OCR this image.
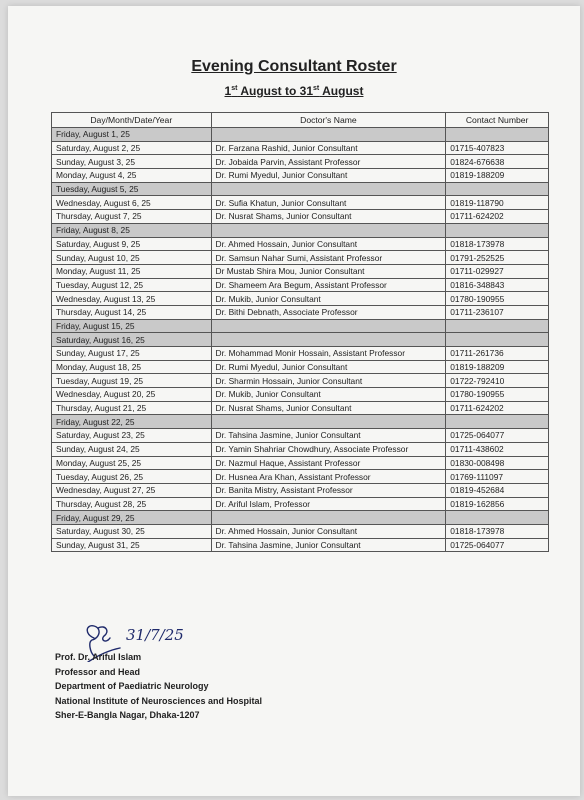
Evening Consultant Roster
1st August to 31st August
Day/Month/Date/Year	Doctor's Name	Contact Number
Friday, August 1, 25		
Saturday, August 2, 25	Dr. Farzana Rashid, Junior Consultant	01715-407823
Sunday, August 3, 25	Dr. Jobaida Parvin, Assistant Professor	01824-676638
Monday, August 4, 25	Dr. Rumi Myedul, Junior Consultant	01819-188209
Tuesday, August 5, 25		
Wednesday, August 6, 25	Dr. Sufia Khatun, Junior Consultant	01819-118790
Thursday, August 7, 25	Dr. Nusrat Shams, Junior Consultant	01711-624202
Friday, August 8, 25		
Saturday, August 9, 25	Dr. Ahmed Hossain, Junior Consultant	01818-173978
Sunday, August 10, 25	Dr. Samsun Nahar Sumi, Assistant Professor	01791-252525
Monday, August 11, 25	Dr Mustab Shira Mou, Junior Consultant	01711-029927
Tuesday, August 12, 25	Dr. Shameem Ara Begum, Assistant Professor	01816-348843
Wednesday, August 13, 25	Dr. Mukib, Junior Consultant	01780-190955
Thursday, August 14, 25	Dr. Bithi Debnath, Associate Professor	01711-236107
Friday, August 15, 25		
Saturday, August 16, 25		
Sunday, August 17, 25	Dr. Mohammad Monir Hossain, Assistant Professor	01711-261736
Monday, August 18, 25	Dr. Rumi Myedul, Junior Consultant	01819-188209
Tuesday, August 19, 25	Dr. Sharmin Hossain, Junior Consultant	01722-792410
Wednesday, August 20, 25	Dr. Mukib, Junior Consultant	01780-190955
Thursday, August 21, 25	Dr. Nusrat Shams, Junior Consultant	01711-624202
Friday, August 22, 25		
Saturday, August 23, 25	Dr. Tahsina Jasmine, Junior Consultant	01725-064077
Sunday, August 24, 25	Dr. Yamin Shahriar Chowdhury, Associate Professor	01711-438602
Monday, August 25, 25	Dr. Nazmul Haque, Assistant Professor	01830-008498
Tuesday, August 26, 25	Dr. Husnea Ara Khan, Assistant Professor	01769-111097
Wednesday, August 27, 25	Dr. Banita Mistry, Assistant Professor	01819-452684
Thursday, August 28, 25	Dr. Ariful Islam, Professor	01819-162856
Friday, August 29, 25		
Saturday, August 30, 25	Dr. Ahmed Hossain, Junior Consultant	01818-173978
Sunday, August 31, 25	Dr. Tahsina Jasmine, Junior Consultant	01725-064077
31/7/25
Prof. Dr. Ariful Islam
Professor and Head
Department of Paediatric Neurology
National Institute of Neurosciences and Hospital
Sher-E-Bangla Nagar, Dhaka-1207
